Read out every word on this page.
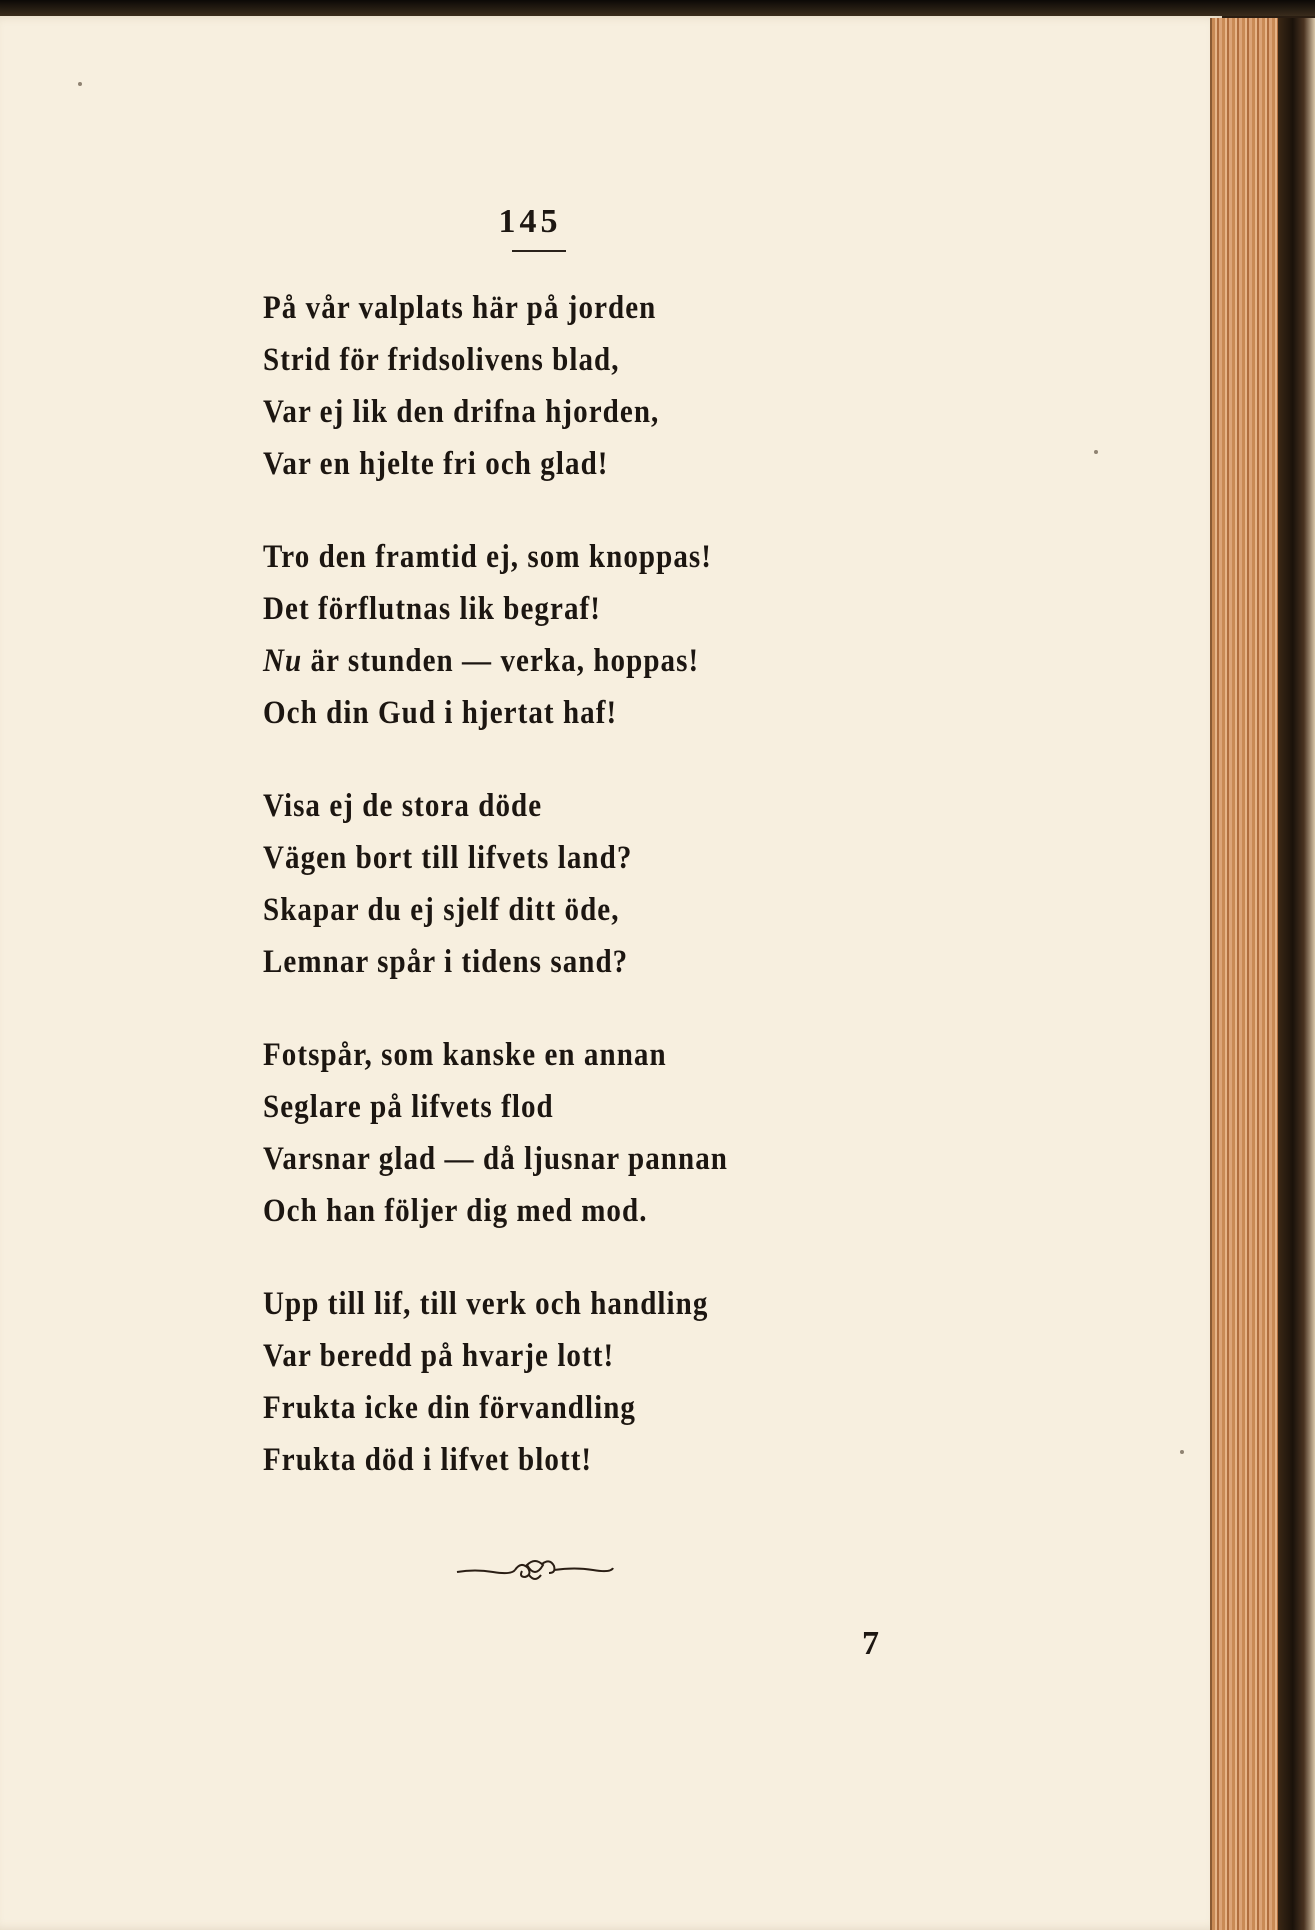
145
På vår valplats här på jorden
Strid för fridsolivens blad,
Var ej lik den drifna hjorden,
Var en hjelte fri och glad!
Tro den framtid ej, som knoppas!
Det förflutnas lik begraf!
Nu är stunden — verka, hoppas!
Och din Gud i hjertat haf!
Visa ej de stora döde
Vägen bort till lifvets land?
Skapar du ej sjelf ditt öde,
Lemnar spår i tidens sand?
Fotspår, som kanske en annan
Seglare på lifvets flod
Varsnar glad — då ljusnar pannan
Och han följer dig med mod.
Upp till lif, till verk och handling
Var beredd på hvarje lott!
Frukta icke din förvandling
Frukta död i lifvet blott!
7
